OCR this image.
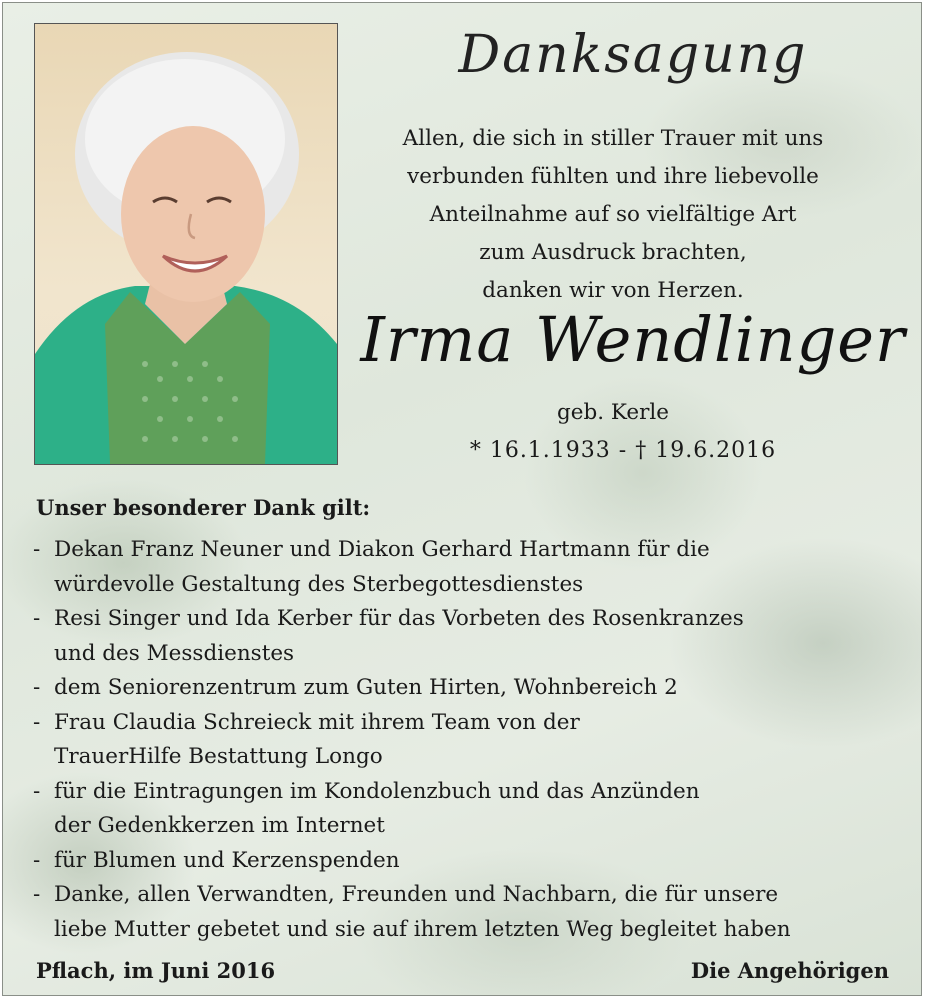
Danksagung
Allen, die sich in stiller Trauer mit uns
verbunden fühlten und ihre liebevolle
Anteilnahme auf so vielfältige Art
zum Ausdruck brachten,
danken wir von Herzen.
Irma Wendlinger
geb. Kerle
* 16.1.1933 - † 19.6.2016
Unser besonderer Dank gilt:
- Dekan Franz Neuner und Diakon Gerhard Hartmann für die
würdevolle Gestaltung des Sterbegottesdienstes
- Resi Singer und Ida Kerber für das Vorbeten des Rosenkranzes
und des Messdienstes
- dem Seniorenzentrum zum Guten Hirten, Wohnbereich 2
- Frau Claudia Schreieck mit ihrem Team von der
TrauerHilfe Bestattung Longo
- für die Eintragungen im Kondolenzbuch und das Anzünden
der Gedenkkerzen im Internet
- für Blumen und Kerzenspenden
- Danke, allen Verwandten, Freunden und Nachbarn, die für unsere
liebe Mutter gebetet und sie auf ihrem letzten Weg begleitet haben
Pflach, im Juni 2016	Die Angehörigen
